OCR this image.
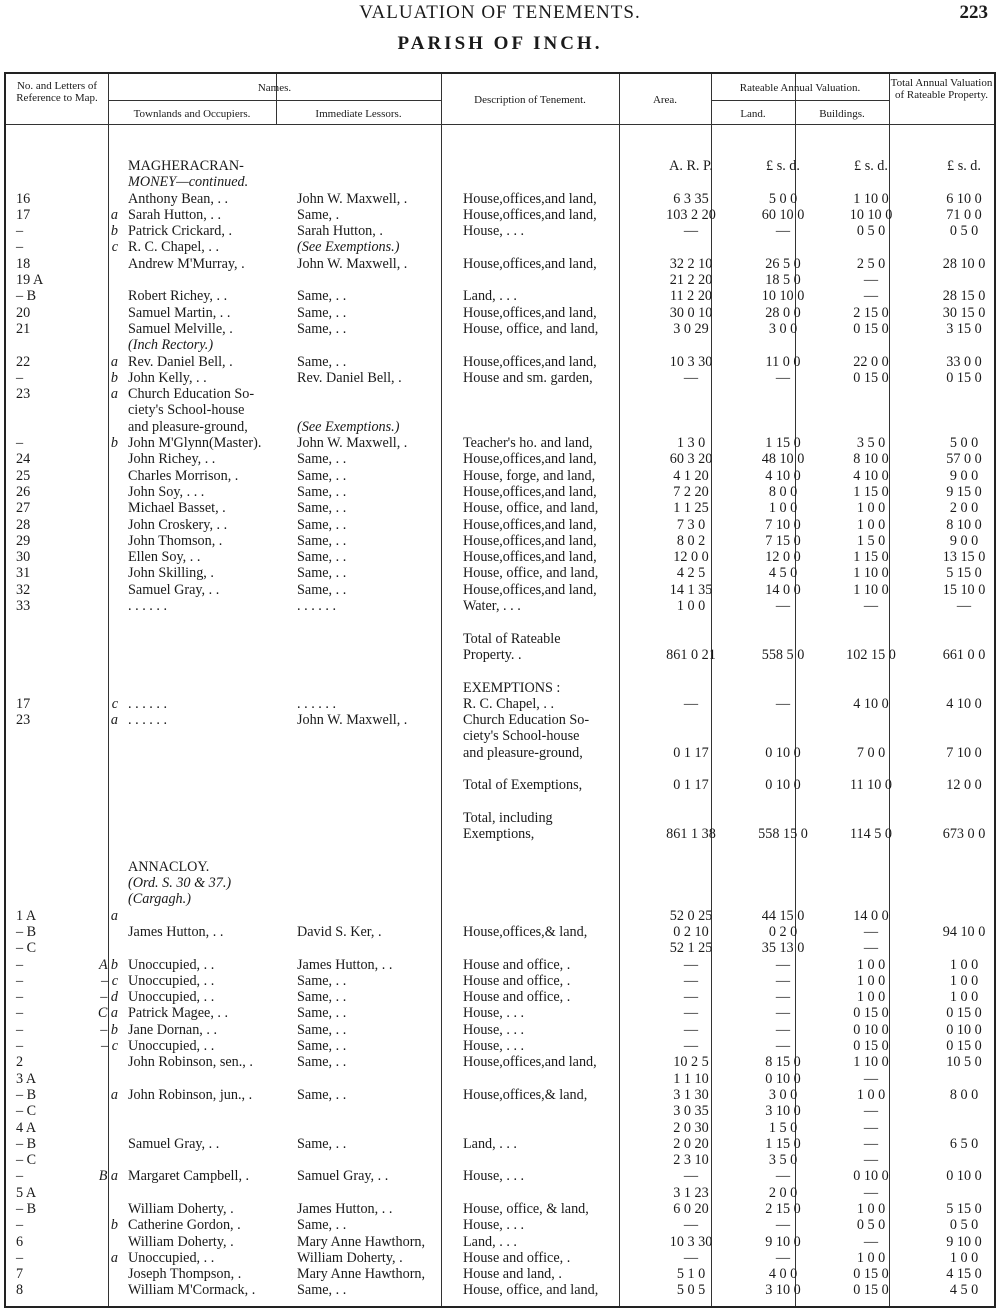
VALUATION OF TENEMENTS.	223
PARISH OF INCH.
No. and Letters of Reference to Map.
Names.
Townlands and Occupiers.	Immediate Lessors.
Description of Tenement.	Area.
Rateable Annual Valuation.
Land.	Buildings.
Total Annual Valuation of Rateable Property.
		MAGHERACRAN-			A. R. P.	£ s. d.	£ s. d.	£ s. d.
		MONEY—continued.						
16		Anthony Bean, . .	John W. Maxwell, .	House,offices,and land,	6 3 35	5 0 0	1 10 0	6 10 0
17	a	Sarah Hutton, . .	Same, .	House,offices,and land,	103 2 20	60 10 0	10 10 0	71 0 0
–	b	Patrick Crickard, .	Sarah Hutton, .	House, . . .	—	—	0 5 0	0 5 0
–	c	R. C. Chapel, . .	(See Exemptions.)					
18		Andrew M'Murray, .	John W. Maxwell, .	House,offices,and land,	32 2 10	26 5 0	2 5 0	28 10 0
19 A					21 2 20	18 5 0	—	
– B		Robert Richey, . .	Same, . .	Land, . . .	11 2 20	10 10 0	—	28 15 0
20		Samuel Martin, . .	Same, . .	House,offices,and land,	30 0 10	28 0 0	2 15 0	30 15 0
21		Samuel Melville, .	Same, . .	House, office, and land,	3 0 29	3 0 0	0 15 0	3 15 0
		(Inch Rectory.)						
22	a	Rev. Daniel Bell, .	Same, . .	House,offices,and land,	10 3 30	11 0 0	22 0 0	33 0 0
–	b	John Kelly, . .	Rev. Daniel Bell, .	House and sm. garden,	—	—	0 15 0	0 15 0
23	a	Church Education So-						
		ciety's School-house						
		and pleasure-ground,	(See Exemptions.)					
–	b	John M'Glynn(Master).	John W. Maxwell, .	Teacher's ho. and land,	1 3 0	1 15 0	3 5 0	5 0 0
24		John Richey, . .	Same, . .	House,offices,and land,	60 3 20	48 10 0	8 10 0	57 0 0
25		Charles Morrison, .	Same, . .	House, forge, and land,	4 1 20	4 10 0	4 10 0	9 0 0
26		John Soy, . . .	Same, . .	House,offices,and land,	7 2 20	8 0 0	1 15 0	9 15 0
27		Michael Basset, .	Same, . .	House, office, and land,	1 1 25	1 0 0	1 0 0	2 0 0
28		John Croskery, . .	Same, . .	House,offices,and land,	7 3 0	7 10 0	1 0 0	8 10 0
29		John Thomson, .	Same, . .	House,offices,and land,	8 0 2	7 15 0	1 5 0	9 0 0
30		Ellen Soy, . .	Same, . .	House,offices,and land,	12 0 0	12 0 0	1 15 0	13 15 0
31		John Skilling, .	Same, . .	House, office, and land,	4 2 5	4 5 0	1 10 0	5 15 0
32		Samuel Gray, . .	Same, . .	House,offices,and land,	14 1 35	14 0 0	1 10 0	15 10 0
33		. . . . . .	. . . . . .	Water, . . .	1 0 0	—	—	—

				Total of Rateable				
				Property. .	861 0 21	558 5 0	102 15 0	661 0 0

				EXEMPTIONS :				
17	c	. . . . . .	. . . . . .	R. C. Chapel, . .	—	—	4 10 0	4 10 0
23	a	. . . . . .	John W. Maxwell, .	Church Education So-				
				ciety's School-house				
				and pleasure-ground,	0 1 17	0 10 0	7 0 0	7 10 0

				Total of Exemptions,	0 1 17	0 10 0	11 10 0	12 0 0

				Total, including				
				Exemptions,	861 1 38	558 15 0	114 5 0	673 0 0

		ANNACLOY.						
		(Ord. S. 30 & 37.)						
		(Cargagh.)						
1 A	a				52 0 25	44 15 0	14 0 0	
– B		James Hutton, . .	David S. Ker, .	House,offices,& land,	0 2 10	0 2 0	—	94 10 0
– C					52 1 25	35 13 0	—	
–	A b	Unoccupied, . .	James Hutton, . .	House and office, .	—	—	1 0 0	1 0 0
–	– c	Unoccupied, . .	Same, . .	House and office, .	—	—	1 0 0	1 0 0
–	– d	Unoccupied, . .	Same, . .	House and office, .	—	—	1 0 0	1 0 0
–	C a	Patrick Magee, . .	Same, . .	House, . . .	—	—	0 15 0	0 15 0
–	– b	Jane Dornan, . .	Same, . .	House, . . .	—	—	0 10 0	0 10 0
–	– c	Unoccupied, . .	Same, . .	House, . . .	—	—	0 15 0	0 15 0
2		John Robinson, sen., .	Same, . .	House,offices,and land,	10 2 5	8 15 0	1 10 0	10 5 0
3 A					1 1 10	0 10 0	—	
– B	a	John Robinson, jun., .	Same, . .	House,offices,& land,	3 1 30	3 0 0	1 0 0	8 0 0
– C					3 0 35	3 10 0	—	
4 A					2 0 30	1 5 0	—	
– B		Samuel Gray, . .	Same, . .	Land, . . .	2 0 20	1 15 0	—	6 5 0
– C					2 3 10	3 5 0	—	
–	B a	Margaret Campbell, .	Samuel Gray, . .	House, . . .	—	—	0 10 0	0 10 0
5 A					3 1 23	2 0 0	—	
– B		William Doherty, .	James Hutton, . .	House, office, & land,	6 0 20	2 15 0	1 0 0	5 15 0
–	b	Catherine Gordon, .	Same, . .	House, . . .	—	—	0 5 0	0 5 0
6		William Doherty, .	Mary Anne Hawthorn,	Land, . . .	10 3 30	9 10 0	—	9 10 0
–	a	Unoccupied, . .	William Doherty, .	House and office, .	—	—	1 0 0	1 0 0
7		Joseph Thompson, .	Mary Anne Hawthorn,	House and land, .	5 1 0	4 0 0	0 15 0	4 15 0
8		William M'Cormack, .	Same, . .	House, office, and land,	5 0 5	3 10 0	0 15 0	4 5 0
